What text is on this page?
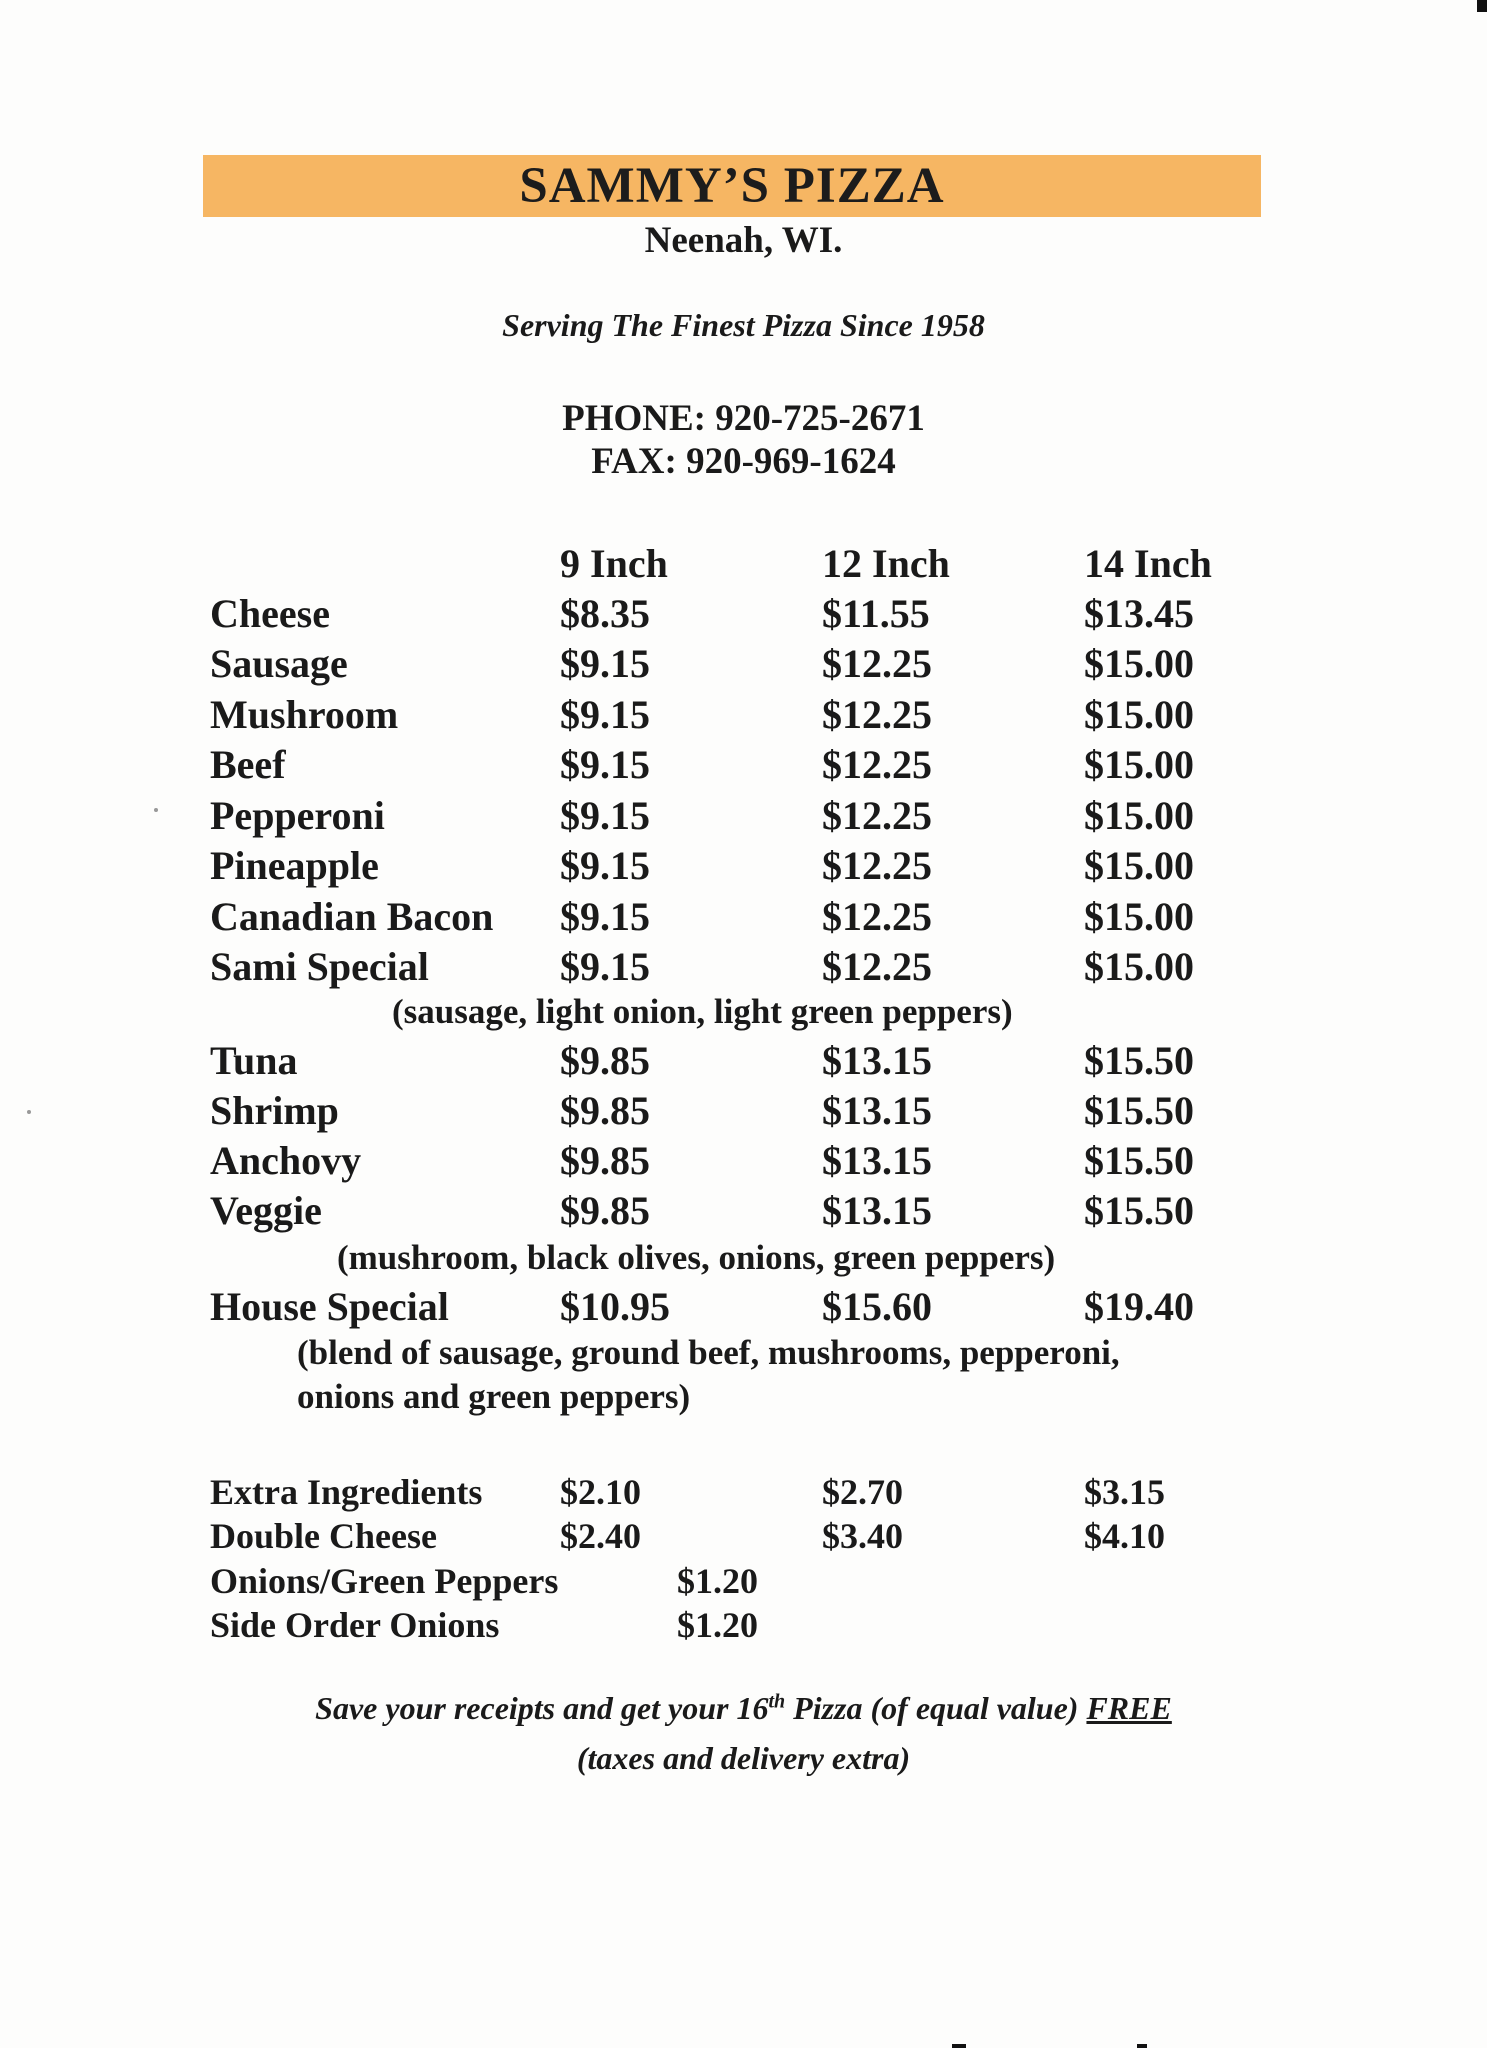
SAMMY’S PIZZA
Neenah, WI.
Serving The Finest Pizza Since 1958
PHONE: 920-725-2671
FAX: 920-969-1624
9 Inch	12 Inch	14 Inch
Cheese	$8.35	$11.55	$13.45
Sausage	$9.15	$12.25	$15.00
Mushroom	$9.15	$12.25	$15.00
Beef	$9.15	$12.25	$15.00
Pepperoni	$9.15	$12.25	$15.00
Pineapple	$9.15	$12.25	$15.00
Canadian Bacon $9.15	$12.25	$15.00
Sami Special	$9.15	$12.25	$15.00
(sausage, light onion, light green peppers)
Tuna	$9.85	$13.15	$15.50
Shrimp	$9.85	$13.15	$15.50
Anchovy	$9.85	$13.15	$15.50
Veggie	$9.85	$13.15	$15.50
(mushroom, black olives, onions, green peppers)
House Special	$10.95	$15.60	$19.40
(blend of sausage, ground beef, mushrooms, pepperoni,
onions and green peppers)
Extra Ingredients $2.10	$2.70	$3.15
Double Cheese	$2.40	$3.40	$4.10
Onions/Green Peppers	$1.20
Side Order Onions	$1.20
Save your receipts and get your 16th Pizza (of equal value) FREE
(taxes and delivery extra)
